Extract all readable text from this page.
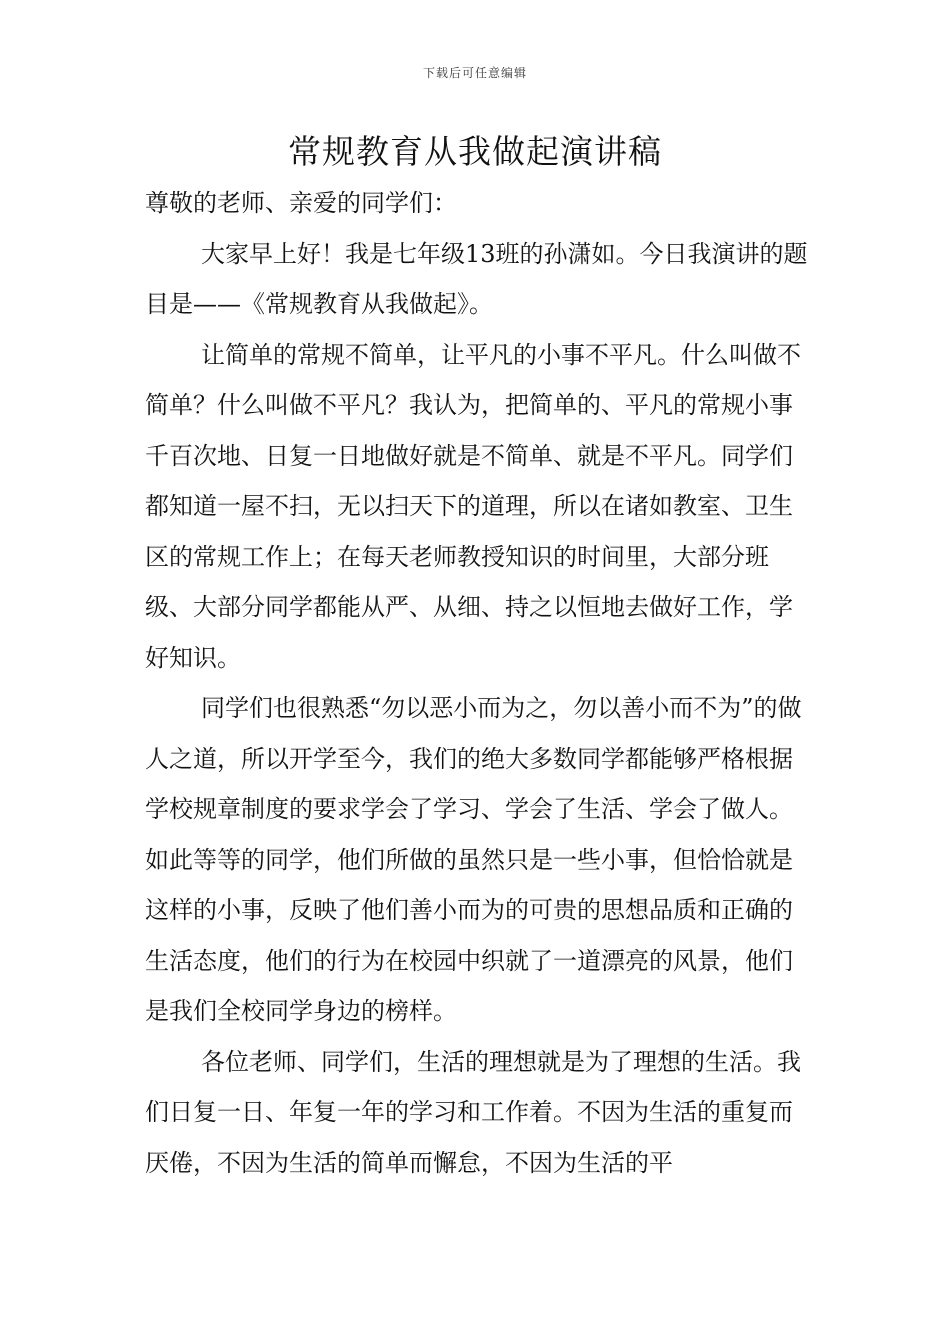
下载后可任意编辑
常规教育从我做起演讲稿

尊敬的老师、亲爱的同学们：

大家早上好！我是七年级13班的孙潇如。今日我演讲的题目是——《常规教育从我做起》。

让简单的常规不简单，让平凡的小事不平凡。什么叫做不简单？什么叫做不平凡？我认为，把简单的、平凡的常规小事千百次地、日复一日地做好就是不简单、就是不平凡。同学们都知道一屋不扫，无以扫天下的道理，所以在诸如教室、卫生区的常规工作上；在每天老师教授知识的时间里，大部分班级、大部分同学都能从严、从细、持之以恒地去做好工作，学好知识。

同学们也很熟悉“勿以恶小而为之，勿以善小而不为”的做人之道，所以开学至今，我们的绝大多数同学都能够严格根据学校规章制度的要求学会了学习、学会了生活、学会了做人。如此等等的同学，他们所做的虽然只是一些小事，但恰恰就是这样的小事，反映了他们善小而为的可贵的思想品质和正确的生活态度，他们的行为在校园中织就了一道漂亮的风景，他们是我们全校同学身边的榜样。

各位老师、同学们，生活的理想就是为了理想的生活。我们日复一日、年复一年的学习和工作着。不因为生活的重复而厌倦，不因为生活的简单而懈怠，不因为生活的平
